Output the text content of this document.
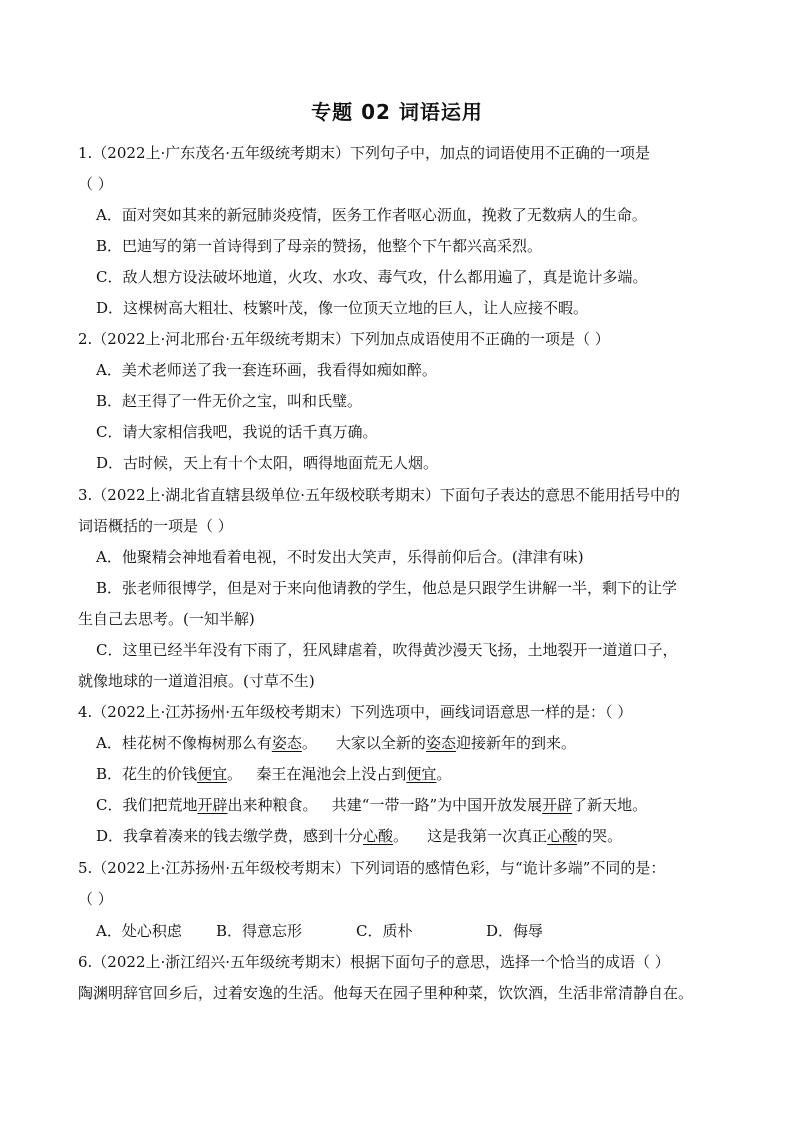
专题 02 词语运用
1.（2022上·广东茂名·五年级统考期末）下列句子中，加点的词语使用不正确的一项是
（ ）
A．面对突如其来的新冠肺炎疫情，医务工作者呕心沥血，挽救了无数病人的生命。
B．巴迪写的第一首诗得到了母亲的赞扬，他整个下午都兴高采烈。
C．敌人想方设法破坏地道，火攻、水攻、毒气攻，什么都用遍了，真是诡计多端。
D．这棵树高大粗壮、枝繁叶茂，像一位顶天立地的巨人，让人应接不暇。
2.（2022上·河北邢台·五年级统考期末）下列加点成语使用不正确的一项是（ ）
A．美术老师送了我一套连环画，我看得如痴如醉。
B．赵王得了一件无价之宝，叫和氏璧。
C．请大家相信我吧，我说的话千真万确。
D．古时候，天上有十个太阳，晒得地面荒无人烟。
3.（2022上·湖北省直辖县级单位·五年级校联考期末）下面句子表达的意思不能用括号中的
词语概括的一项是（ ）
A．他聚精会神地看着电视，不时发出大笑声，乐得前仰后合。(津津有味)
B．张老师很博学，但是对于来向他请教的学生，他总是只跟学生讲解一半，剩下的让学
生自己去思考。(一知半解)
C．这里已经半年没有下雨了，狂风肆虐着，吹得黄沙漫天飞扬，土地裂开一道道口子，
就像地球的一道道泪痕。(寸草不生)
4.（2022上·江苏扬州·五年级校考期末）下列选项中，画线词语意思一样的是：（ ）
A．桂花树不像梅树那么有姿态。    大家以全新的姿态迎接新年的到来。
B．花生的价钱便宜。   秦王在渑池会上没占到便宜。
C．我们把荒地开辟出来种粮食。   共建“一带一路”为中国开放发展开辟了新天地。
D．我拿着凑来的钱去缴学费，感到十分心酸。    这是我第一次真正心酸的哭。
5.（2022上·江苏扬州·五年级校考期末）下列词语的感情色彩，与“诡计多端”不同的是：
（ ）
A．处心积虑 B．得意忘形	C．质朴	D．侮辱
6.（2022上·浙江绍兴·五年级统考期末）根据下面句子的意思，选择一个恰当的成语（ ）
陶渊明辞官回乡后，过着安逸的生活。他每天在园子里种种菜，饮饮酒，生活非常清静自在。
